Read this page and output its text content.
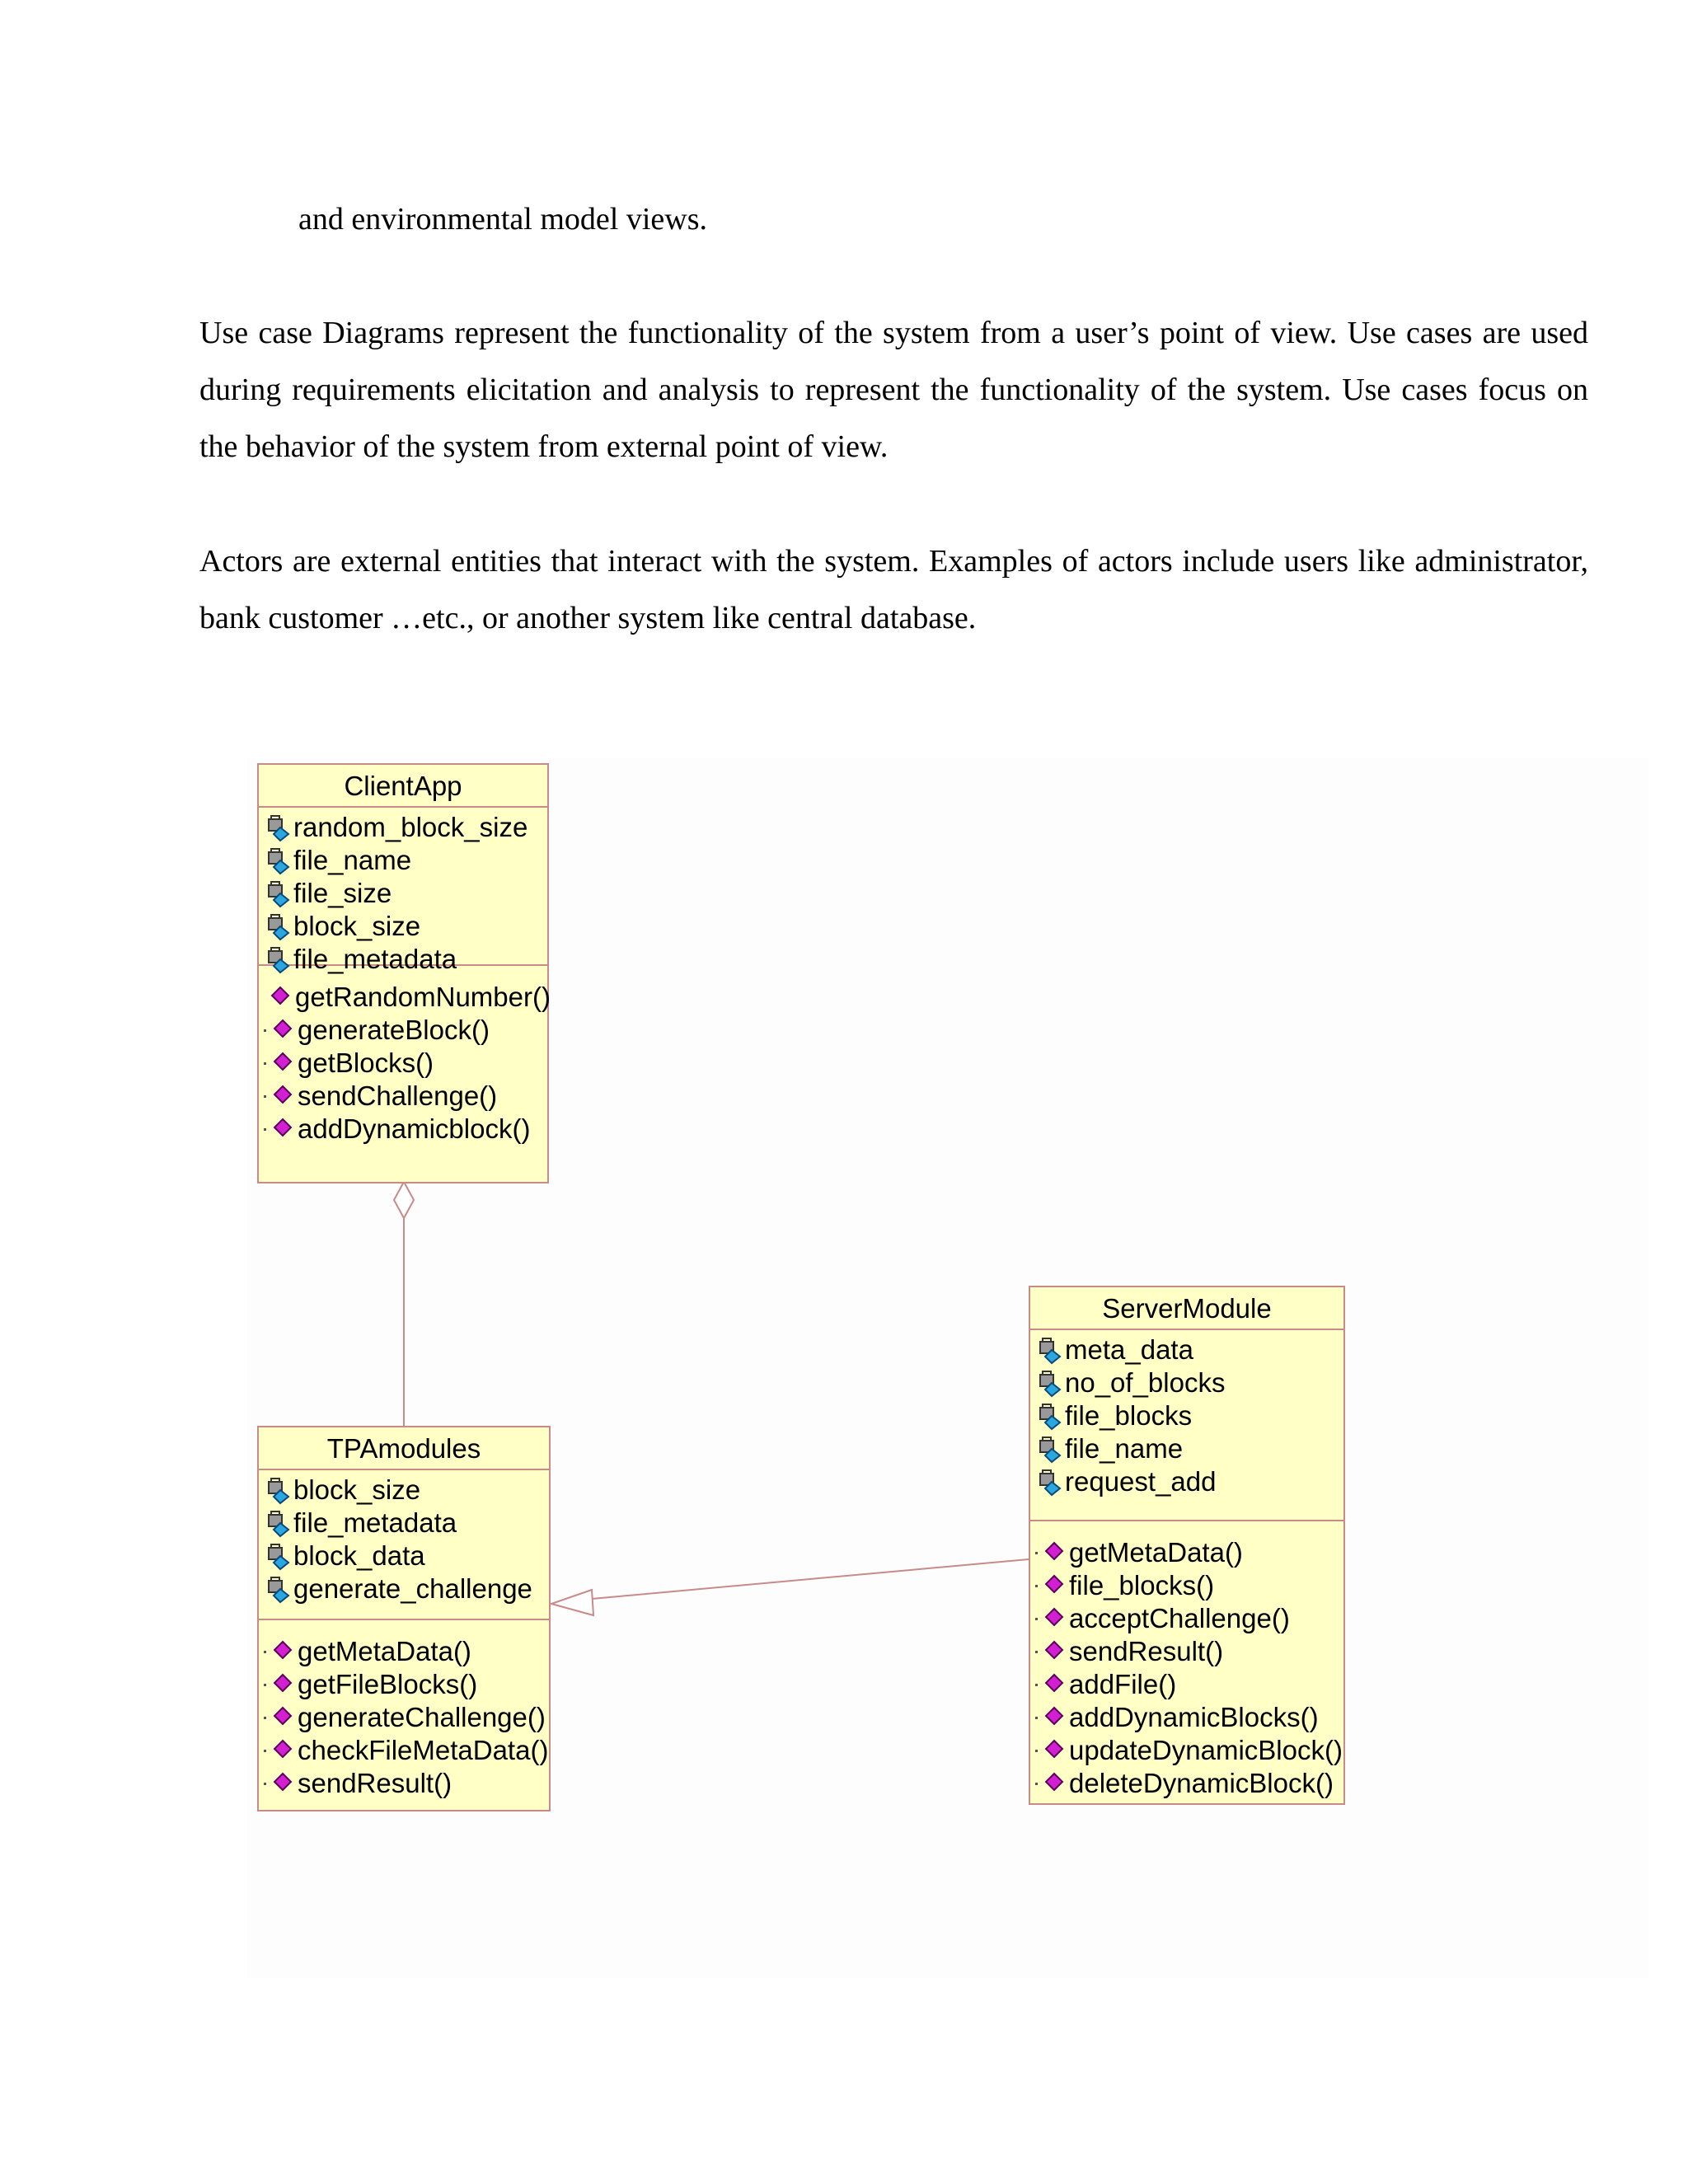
and environmental model views.

Use case Diagrams represent the functionality of the system from a user’s point of view. Use cases are used during requirements elicitation and analysis to represent the functionality of the system. Use cases focus on the behavior of the system from external point of view.

Actors are external entities that interact with the system. Examples of actors include users like administrator, bank customer …etc., or another system like central database.

ClientApp
random_block_size
file_name
file_size
block_size
file_metadata
getRandomNumber()
generateBlock()
getBlocks()
sendChallenge()
addDynamicblock()
TPAmodules
block_size
file_metadata
block_data
generate_challenge
getMetaData()
getFileBlocks()
generateChallenge()
checkFileMetaData()
sendResult()
ServerModule
meta_data
no_of_blocks
file_blocks
file_name
request_add
getMetaData()
file_blocks()
acceptChallenge()
sendResult()
addFile()
addDynamicBlocks()
updateDynamicBlock()
deleteDynamicBlock()
